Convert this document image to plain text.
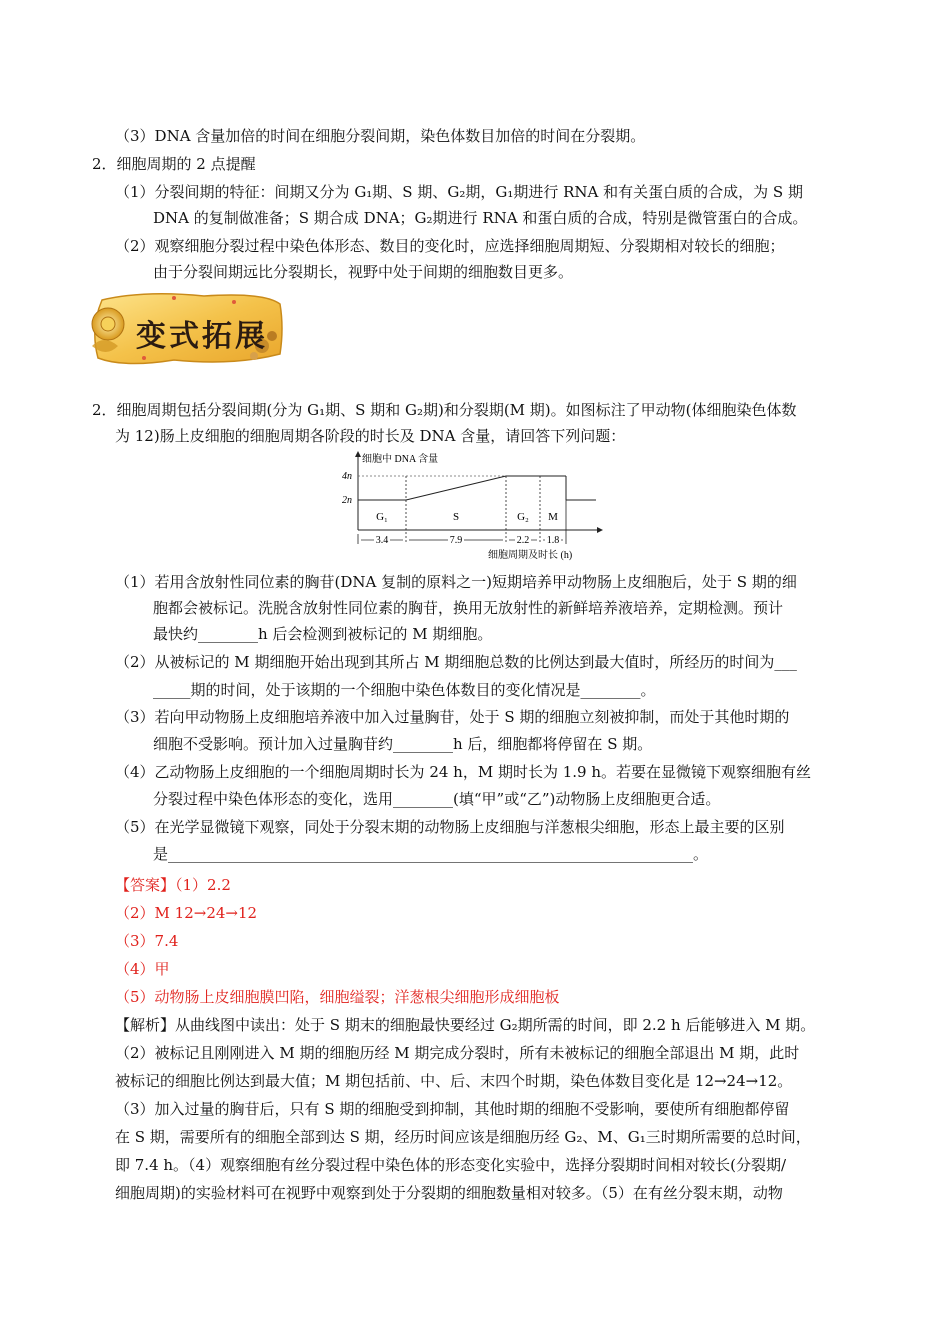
（3）DNA 含量加倍的时间在细胞分裂间期，染色体数目加倍的时间在分裂期。
2．细胞周期的 2 点提醒
（1）分裂间期的特征：间期又分为 G₁期、S 期、G₂期，G₁期进行 RNA 和有关蛋白质的合成，为 S 期
DNA 的复制做准备；S 期合成 DNA；G₂期进行 RNA 和蛋白质的合成，特别是微管蛋白的合成。
（2）观察细胞分裂过程中染色体形态、数目的变化时，应选择细胞周期短、分裂期相对较长的细胞；
由于分裂间期远比分裂期长，视野中处于间期的细胞数目更多。
变式拓展
2．细胞周期包括分裂间期(分为 G₁期、S 期和 G₂期)和分裂期(M 期)。如图标注了甲动物(体细胞染色体数
为 12)肠上皮细胞的细胞周期各阶段的时长及 DNA 含量，请回答下列问题：
细胞中 DNA 含量
4n
2n
G₁
3.4
S
7.9
G₂
2.2
M
1.8
细胞周期及时长 (h)
（1）若用含放射性同位素的胸苷(DNA 复制的原料之一)短期培养甲动物肠上皮细胞后，处于 S 期的细
胞都会被标记。洗脱含放射性同位素的胸苷，换用无放射性的新鲜培养液培养，定期检测。预计
最快约________h 后会检测到被标记的 M 期细胞。
（2）从被标记的 M 期细胞开始出现到其所占 M 期细胞总数的比例达到最大值时，所经历的时间为___
_____期的时间，处于该期的一个细胞中染色体数目的变化情况是________。
（3）若向甲动物肠上皮细胞培养液中加入过量胸苷，处于 S 期的细胞立刻被抑制，而处于其他时期的
细胞不受影响。预计加入过量胸苷约________h 后，细胞都将停留在 S 期。
（4）乙动物肠上皮细胞的一个细胞周期时长为 24 h，M 期时长为 1.9 h。若要在显微镜下观察细胞有丝
分裂过程中染色体形态的变化，选用________(填“甲”或“乙”)动物肠上皮细胞更合适。
（5）在光学显微镜下观察，同处于分裂末期的动物肠上皮细胞与洋葱根尖细胞，形态上最主要的区别
是______________________________________________________________________。
【答案】（1）2.2
（2）M 12→24→12
（3）7.4
（4）甲
（5）动物肠上皮细胞膜凹陷，细胞缢裂；洋葱根尖细胞形成细胞板
【解析】从曲线图中读出：处于 S 期末的细胞最快要经过 G₂期所需的时间，即 2.2 h 后能够进入 M 期。
（2）被标记且刚刚进入 M 期的细胞历经 M 期完成分裂时，所有未被标记的细胞全部退出 M 期，此时
被标记的细胞比例达到最大值；M 期包括前、中、后、末四个时期，染色体数目变化是 12→24→12。
（3）加入过量的胸苷后，只有 S 期的细胞受到抑制，其他时期的细胞不受影响，要使所有细胞都停留
在 S 期，需要所有的细胞全部到达 S 期，经历时间应该是细胞历经 G₂、M、G₁三时期所需要的总时间，
即 7.4 h。（4）观察细胞有丝分裂过程中染色体的形态变化实验中，选择分裂期时间相对较长(分裂期/
细胞周期)的实验材料可在视野中观察到处于分裂期的细胞数量相对较多。（5）在有丝分裂末期，动物
